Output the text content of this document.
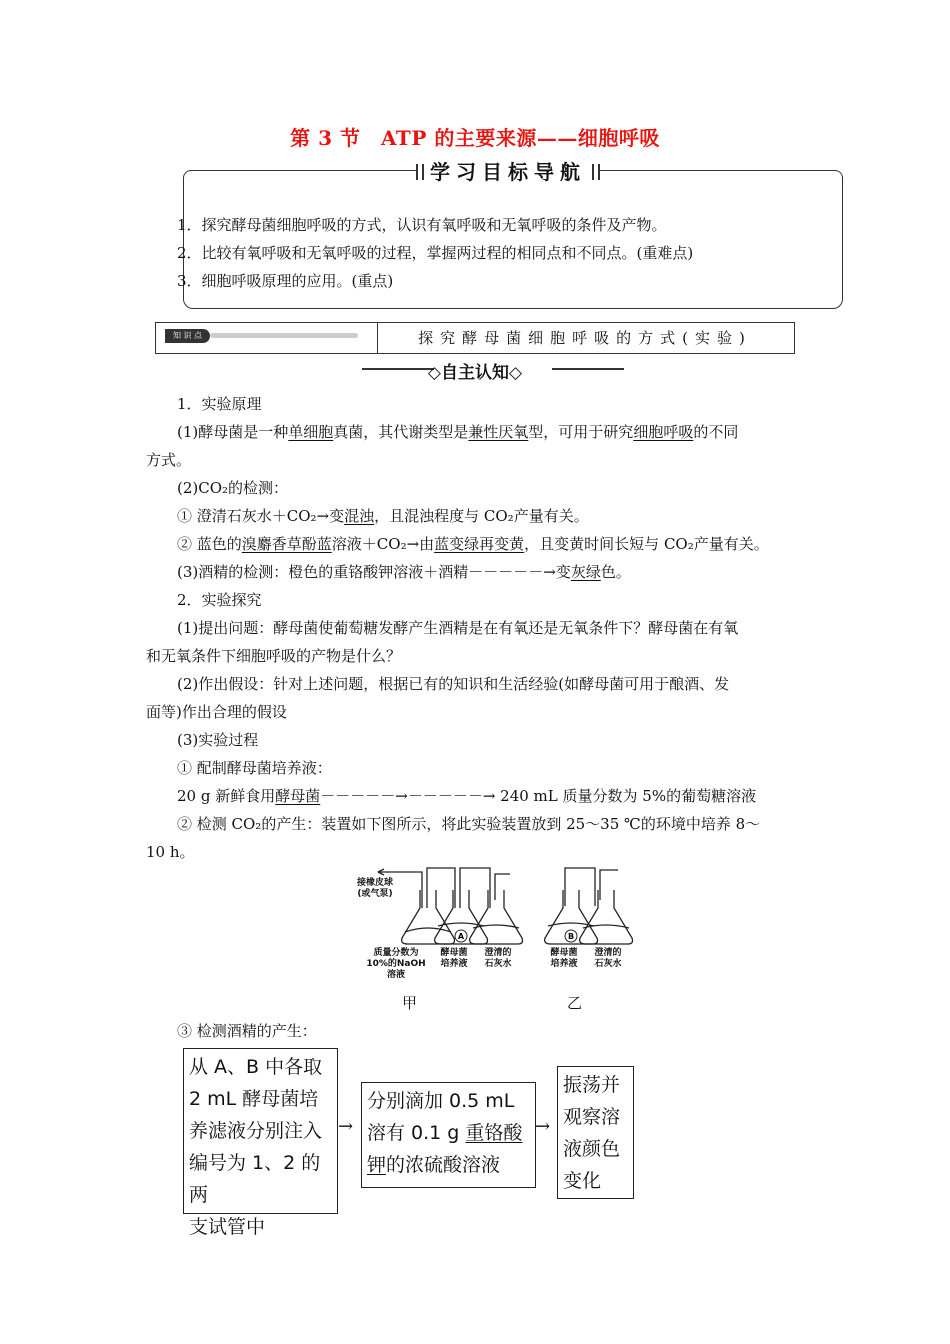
第 3 节　ATP 的主要来源——细胞呼吸
学习目标导航
1．探究酵母菌细胞呼吸的方式，认识有氧呼吸和无氧呼吸的条件及产物。
2．比较有氧呼吸和无氧呼吸的过程，掌握两过程的相同点和不同点。(重难点)
3．细胞呼吸原理的应用。(重点)
知 识 点	探究酵母菌细胞呼吸的方式(实验)
◇自主认知◇
1．实验原理
(1)酵母菌是一种单细胞真菌，其代谢类型是兼性厌氧型，可用于研究细胞呼吸的不同
方式。
(2)CO₂的检测：
① 澄清石灰水＋CO₂→变混浊，且混浊程度与 CO₂产量有关。
② 蓝色的溴麝香草酚蓝溶液＋CO₂→由蓝变绿再变黄，且变黄时间长短与 CO₂产量有关。
(3)酒精的检测：橙色的重铬酸钾溶液＋酒精－－－－－→变灰绿色。
2．实验探究
(1)提出问题：酵母菌使葡萄糖发酵产生酒精是在有氧还是无氧条件下？酵母菌在有氧
和无氧条件下细胞呼吸的产物是什么？
(2)作出假设：针对上述问题，根据已有的知识和生活经验(如酵母菌可用于酿酒、发
面等)作出合理的假设
(3)实验过程
① 配制酵母菌培养液：
20 g 新鲜食用酵母菌－－－－－→－－－－－→ 240 mL 质量分数为 5%的葡萄糖溶液
② 检测 CO₂的产生：装置如下图所示，将此实验装置放到 25～35 ℃的环境中培养 8～
10 h。
A	B
接橡皮球
(或气泵)
质量分数为
10%的NaOH
溶液
酵母菌
培养液
澄清的
石灰水
酵母菌
培养液
澄清的
石灰水
甲	乙
③ 检测酒精的产生：
从 A、B 中各取
2 mL 酵母菌培
养滤液分别注入
编号为 1、2 的两
支试管中
→
分别滴加 0.5 mL
溶有 0.1 g 重铬酸
钾的浓硫酸溶液
→
振荡并
观察溶
液颜色
变化
